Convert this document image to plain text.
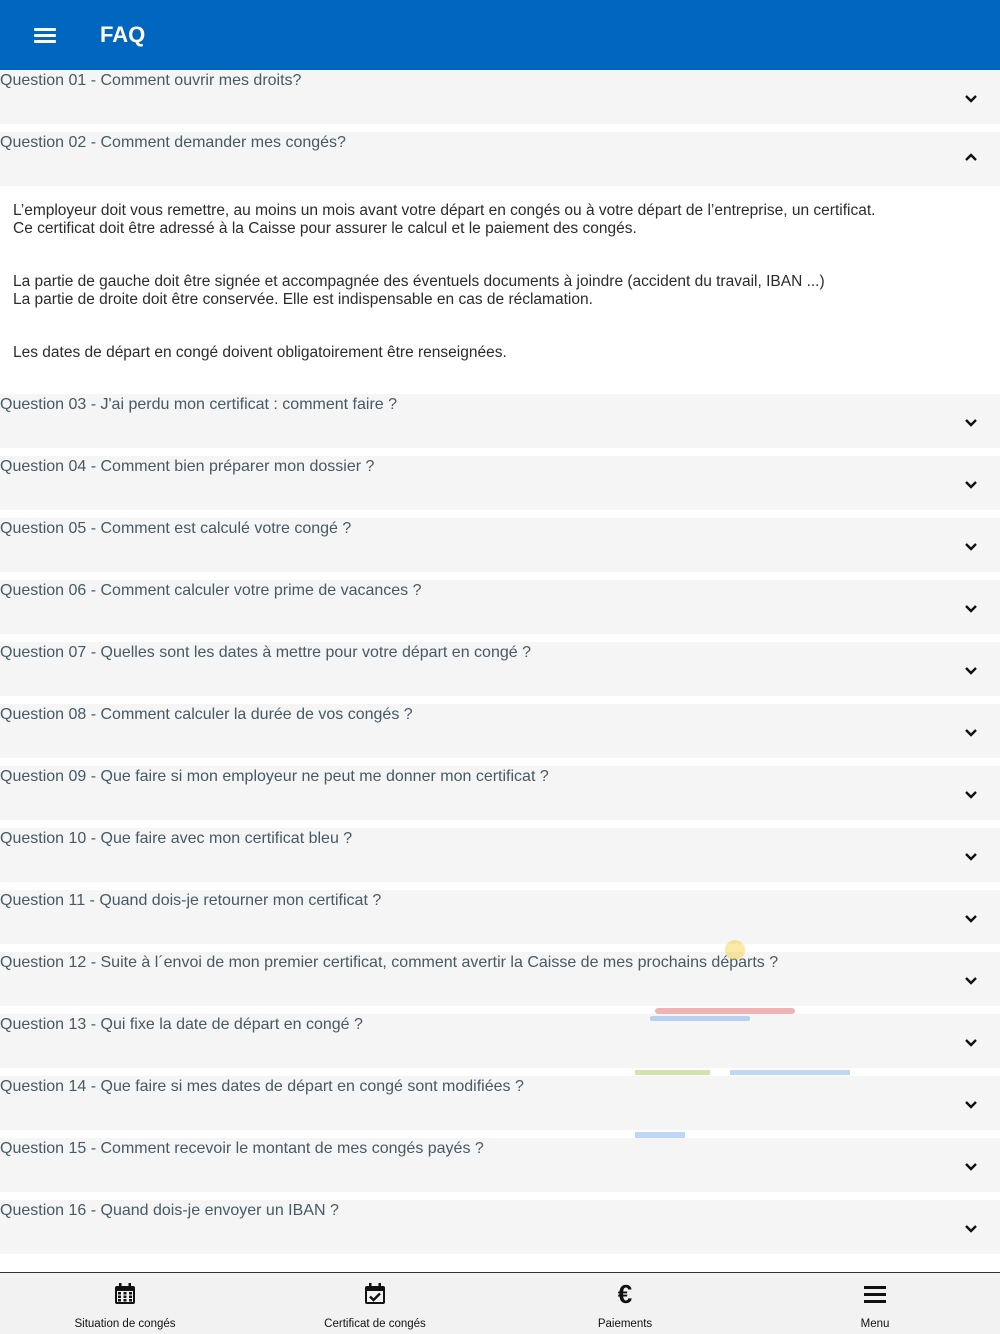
FAQ
Question 01 - Comment ouvrir mes droits?
Question 02 - Comment demander mes congés?
L’employeur doit vous remettre, au moins un mois avant votre départ en congés ou à votre départ de l’entreprise, un certificat.
Ce certificat doit être adressé à la Caisse pour assurer le calcul et le paiement des congés.
La partie de gauche doit être signée et accompagnée des éventuels documents à joindre (accident du travail, IBAN ...)
La partie de droite doit être conservée. Elle est indispensable en cas de réclamation.
Les dates de départ en congé doivent obligatoirement être renseignées.
Question 03 - J'ai perdu mon certificat : comment faire ?
Question 04 - Comment bien préparer mon dossier ?
Question 05 - Comment est calculé votre congé ?
Question 06 - Comment calculer votre prime de vacances ?
Question 07 - Quelles sont les dates à mettre pour votre départ en congé ?
Question 08 - Comment calculer la durée de vos congés ?
Question 09 - Que faire si mon employeur ne peut me donner mon certificat ?
Question 10 - Que faire avec mon certificat bleu ?
Question 11 - Quand dois-je retourner mon certificat ?
Question 12 - Suite à l´envoi de mon premier certificat, comment avertir la Caisse de mes prochains départs ?
Question 13 - Qui fixe la date de départ en congé ?
Question 14 - Que faire si mes dates de départ en congé sont modifiées ?
Question 15 - Comment recevoir le montant de mes congés payés ?
Question 16 - Quand dois-je envoyer un IBAN ?
Situation de congés	Certificat de congés
€
Paiements	Menu
